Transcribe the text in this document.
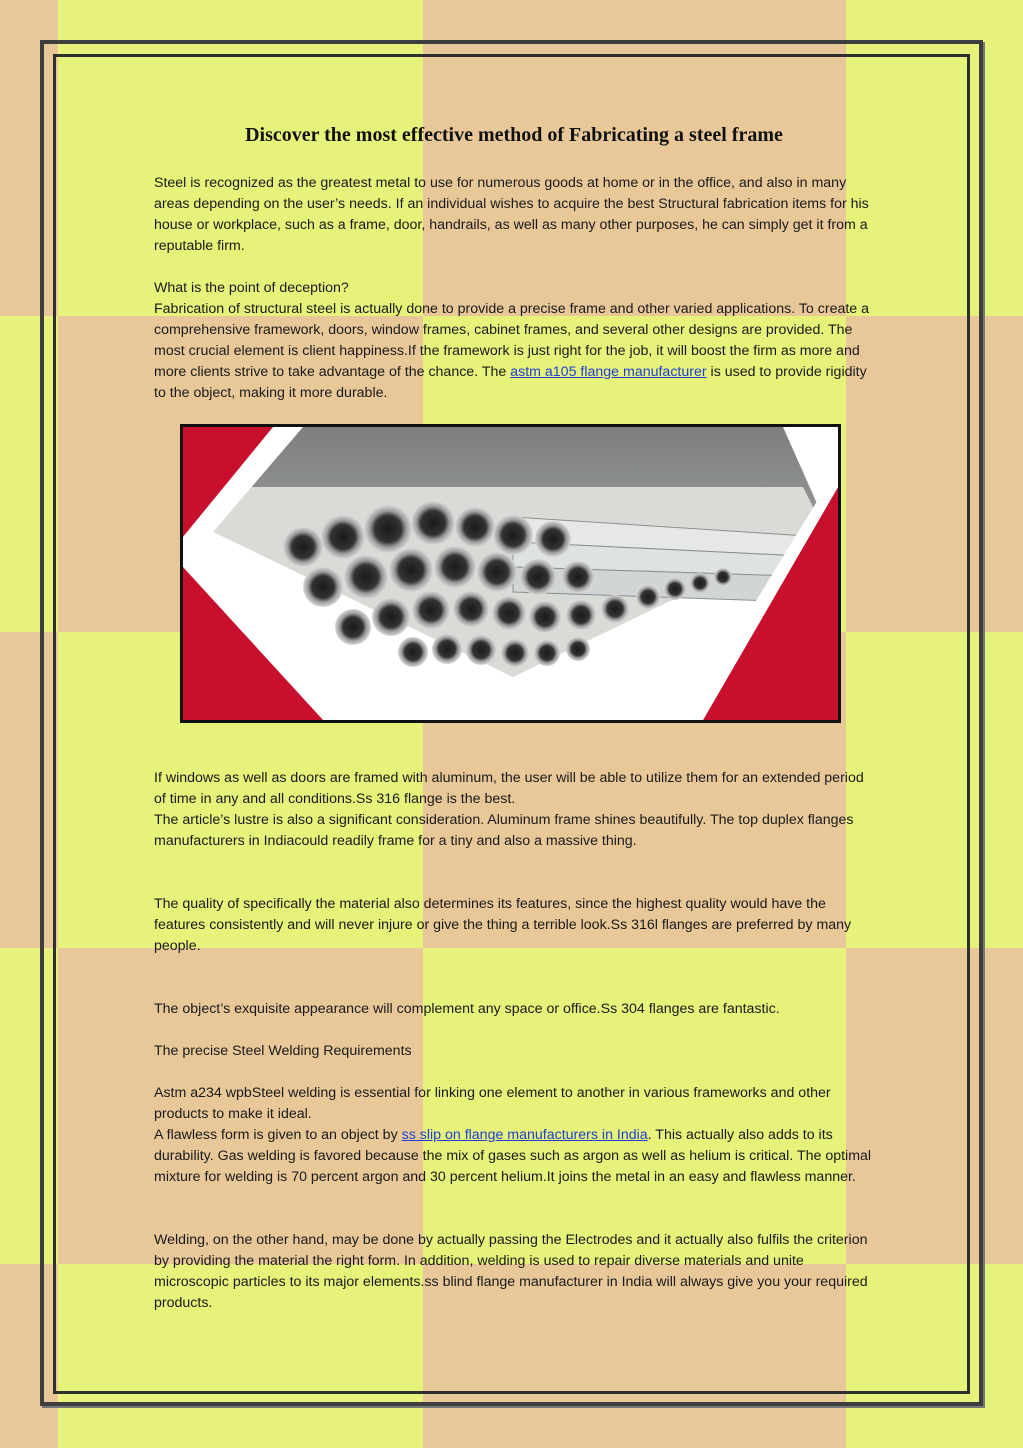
Discover the most effective method of Fabricating a steel frame

Steel is recognized as the greatest metal to use for numerous goods at home or in the office, and also in many areas depending on the user’s needs. If an individual wishes to acquire the best Structural fabrication items for his house or workplace, such as a frame, door, handrails, as well as many other purposes, he can simply get it from a reputable firm.

What is the point of deception?

Fabrication of structural steel is actually done to provide a precise frame and other varied applications. To create a comprehensive framework, doors, window frames, cabinet frames, and several other designs are provided. The most crucial element is client happiness.If the framework is just right for the job, it will boost the firm as more and more clients strive to take advantage of the chance. The astm a105 flange manufacturer is used to provide rigidity to the object, making it more durable.

If windows as well as doors are framed with aluminum, the user will be able to utilize them for an extended period of time in any and all conditions.Ss 316 flange is the best.

The article’s lustre is also a significant consideration. Aluminum frame shines beautifully. The top duplex flanges manufacturers in Indiacould readily frame for a tiny and also a massive thing.

The quality of specifically the material also determines its features, since the highest quality would have the features consistently and will never injure or give the thing a terrible look.Ss 316l flanges are preferred by many people.

The object’s exquisite appearance will complement any space or office.Ss 304 flanges are fantastic.

The precise Steel Welding Requirements

Astm a234 wpbSteel welding is essential for linking one element to another in various frameworks and other products to make it ideal.

A flawless form is given to an object by ss slip on flange manufacturers in India. This actually also adds to its durability. Gas welding is favored because the mix of gases such as argon as well as helium is critical. The optimal mixture for welding is 70 percent argon and 30 percent helium.It joins the metal in an easy and flawless manner.

Welding, on the other hand, may be done by actually passing the Electrodes and it actually also fulfils the criterion by providing the material the right form. In addition, welding is used to repair diverse materials and unite microscopic particles to its major elements.ss blind flange manufacturer in India will always give you your required products.
